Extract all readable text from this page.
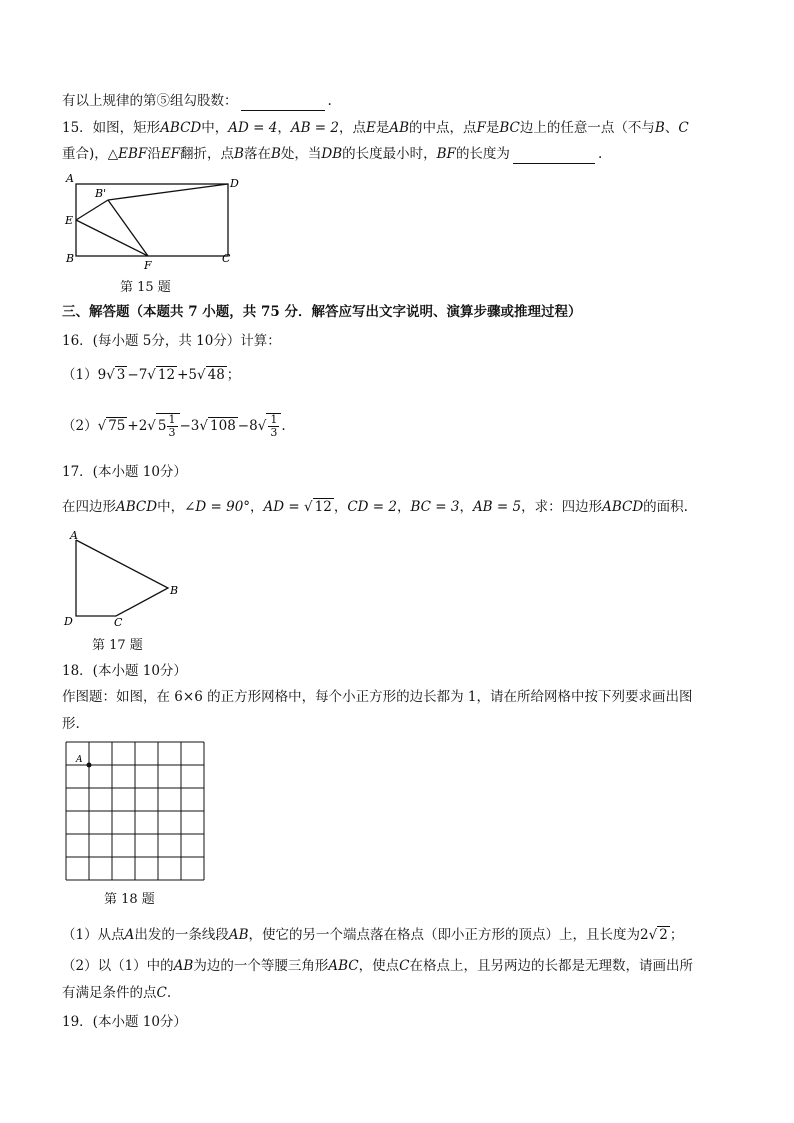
有以上规律的第⑤组勾股数：	.
15．如图，矩形ABCD中，AD = 4，AB = 2，点E是AB的中点，点F是BC边上的任意一点（不与B、C
重合)，△EBF沿EF翻折，点B落在B处，当DB的长度最小时，BF的长度为	.
A
B'
D
E
B
F
C
第 15 题
三、解答题（本题共 7 小题，共 75 分．解答应写出文字说明、演算步骤或推理过程）
16．(每小题 5分，共 10分）计算：
（1）9√ 3 −7√ 12 +5√ 48 ；
（2）√ 75 +2√ $5 \frac{1}{3} -3√$ $108 -8√ \frac{1}{3}$ .
17．(本小题 10分）
在四边形ABCD中，∠D = 90°，AD = √ 12 ，CD = 2，BC = 3，AB = 5，求：四边形ABCD的面积.
A
B
C
D
第 17 题
18．(本小题 10分）
作图题：如图，在 6×6 的正方形网格中，每个小正方形的边长都为 1，请在所给网格中按下列要求画出图
形.
A
第 18 题
（1）从点A出发的一条线段AB，使它的另一个端点落在格点（即小正方形的顶点）上，且长度为2√ 2 ；
（2）以（1）中的AB为边的一个等腰三角形ABC，使点C在格点上，且另两边的长都是无理数，请画出所
有满足条件的点C.
19．(本小题 10分）
